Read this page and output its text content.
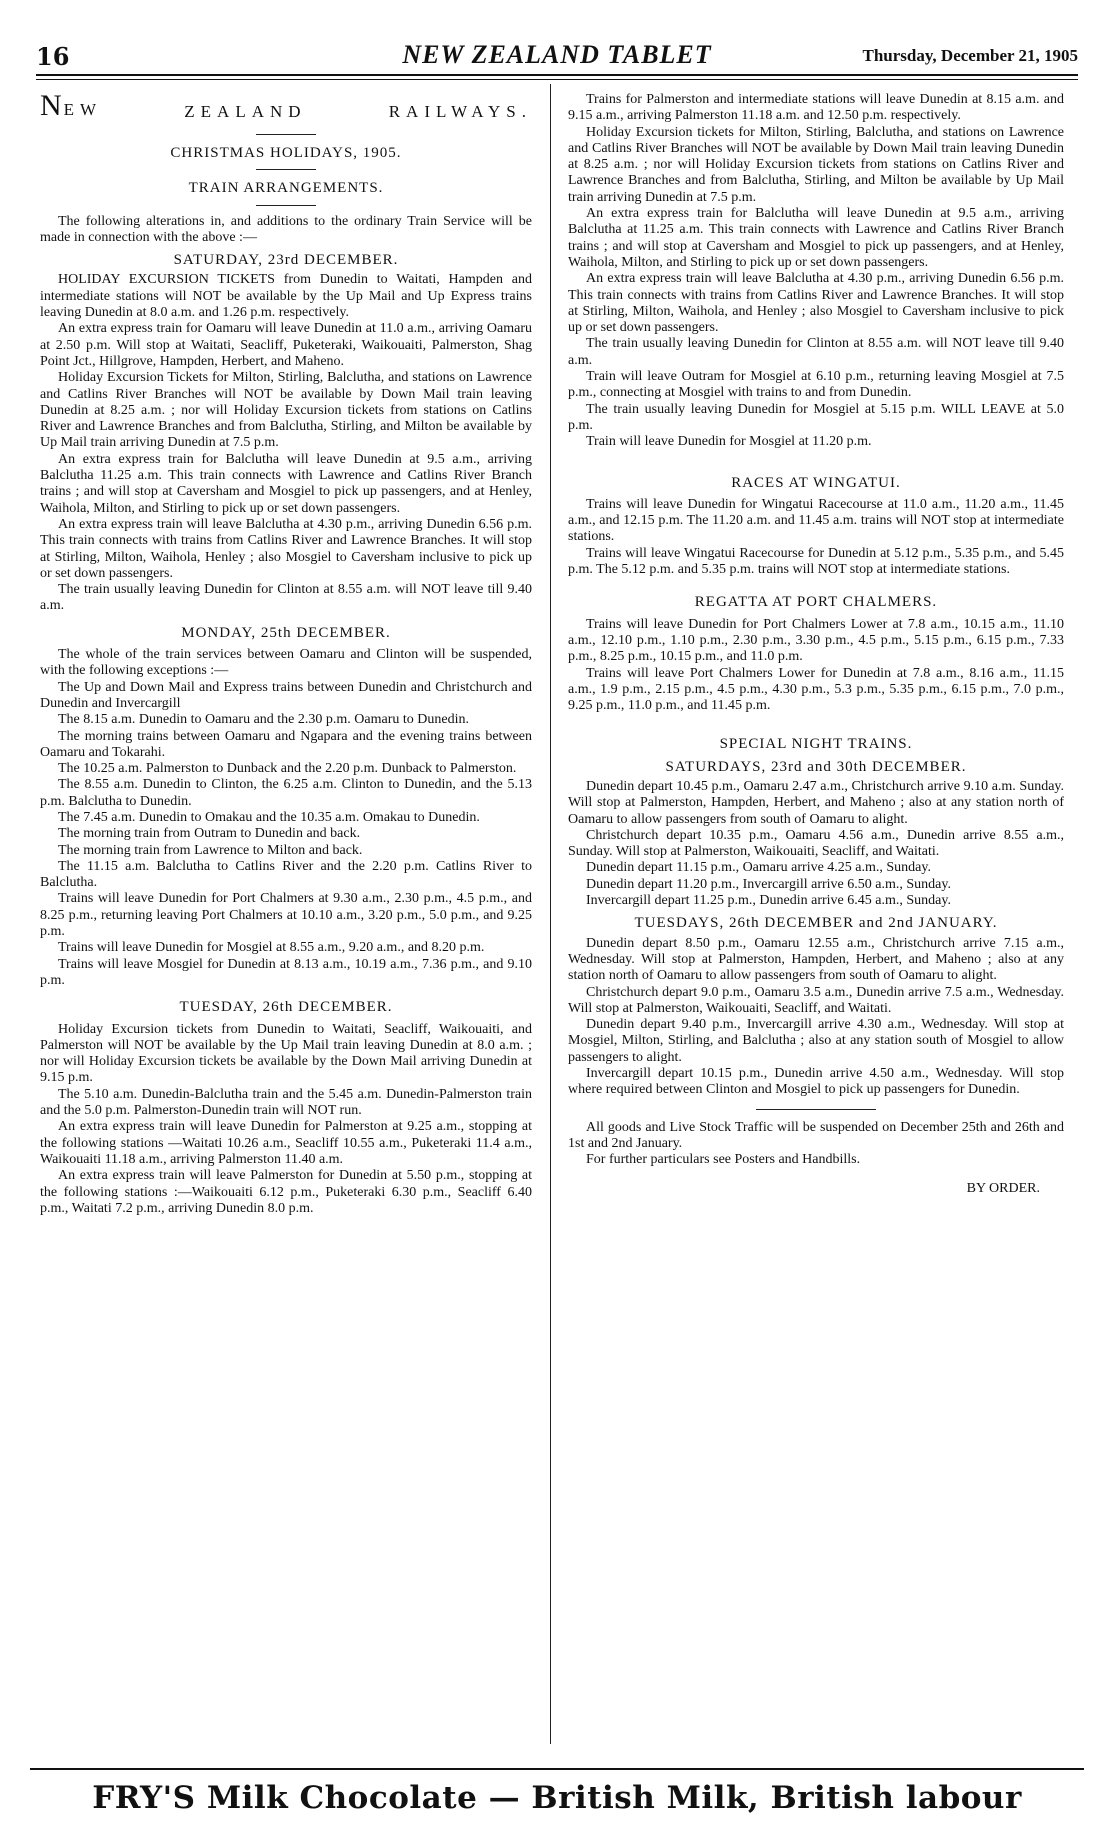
16	NEW ZEALAND TABLET	Thursday, December 21, 1905
NEW	ZEALAND	RAILWAYS.
CHRISTMAS HOLIDAYS, 1905.
TRAIN ARRANGEMENTS.

The following alterations in, and additions to the ordinary Train Service will be made in connection with the above :—

SATURDAY, 23rd DECEMBER.

HOLIDAY EXCURSION TICKETS from Dunedin to Waitati, Hampden and intermediate stations will NOT be available by the Up Mail and Up Express trains leaving Dunedin at 8.0 a.m. and 1.26 p.m. respectively.

An extra express train for Oamaru will leave Dunedin at 11.0 a.m., arriving Oamaru at 2.50 p.m. Will stop at Waitati, Seacliff, Puketeraki, Waikouaiti, Palmerston, Shag Point Jct., Hillgrove, Hampden, Herbert, and Maheno.

Holiday Excursion Tickets for Milton, Stirling, Balclutha, and stations on Lawrence and Catlins River Branches will NOT be available by Down Mail train leaving Dunedin at 8.25 a.m. ; nor will Holiday Excursion tickets from stations on Catlins River and Lawrence Branches and from Balclutha, Stirling, and Milton be available by Up Mail train arriving Dunedin at 7.5 p.m.

An extra express train for Balclutha will leave Dunedin at 9.5 a.m., arriving Balclutha 11.25 a.m. This train connects with Lawrence and Catlins River Branch trains ; and will stop at Caversham and Mosgiel to pick up passengers, and at Henley, Waihola, Milton, and Stirling to pick up or set down passengers.

An extra express train will leave Balclutha at 4.30 p.m., arriving Dunedin 6.56 p.m. This train connects with trains from Catlins River and Lawrence Branches. It will stop at Stirling, Milton, Waihola, Henley ; also Mosgiel to Caversham inclusive to pick up or set down passengers.

The train usually leaving Dunedin for Clinton at 8.55 a.m. will NOT leave till 9.40 a.m.

MONDAY, 25th DECEMBER.

The whole of the train services between Oamaru and Clinton will be suspended, with the following exceptions :—

The Up and Down Mail and Express trains between Dunedin and Christchurch and Dunedin and Invercargill

The 8.15 a.m. Dunedin to Oamaru and the 2.30 p.m. Oamaru to Dunedin.

The morning trains between Oamaru and Ngapara and the evening trains between Oamaru and Tokarahi.

The 10.25 a.m. Palmerston to Dunback and the 2.20 p.m. Dunback to Palmerston.

The 8.55 a.m. Dunedin to Clinton, the 6.25 a.m. Clinton to Dunedin, and the 5.13 p.m. Balclutha to Dunedin.

The 7.45 a.m. Dunedin to Omakau and the 10.35 a.m. Omakau to Dunedin.

The morning train from Outram to Dunedin and back.

The morning train from Lawrence to Milton and back.

The 11.15 a.m. Balclutha to Catlins River and the 2.20 p.m. Catlins River to Balclutha.

Trains will leave Dunedin for Port Chalmers at 9.30 a.m., 2.30 p.m., 4.5 p.m., and 8.25 p.m., returning leaving Port Chalmers at 10.10 a.m., 3.20 p.m., 5.0 p.m., and 9.25 p.m.

Trains will leave Dunedin for Mosgiel at 8.55 a.m., 9.20 a.m., and 8.20 p.m.

Trains will leave Mosgiel for Dunedin at 8.13 a.m., 10.19 a.m., 7.36 p.m., and 9.10 p.m.

TUESDAY, 26th DECEMBER.

Holiday Excursion tickets from Dunedin to Waitati, Seacliff, Waikouaiti, and Palmerston will NOT be available by the Up Mail train leaving Dunedin at 8.0 a.m. ; nor will Holiday Excursion tickets be available by the Down Mail arriving Dunedin at 9.15 p.m.

The 5.10 a.m. Dunedin-Balclutha train and the 5.45 a.m. Dunedin-Palmerston train and the 5.0 p.m. Palmerston-Dunedin train will NOT run.

An extra express train will leave Dunedin for Palmerston at 9.25 a.m., stopping at the following stations —Waitati 10.26 a.m., Seacliff 10.55 a.m., Puketeraki 11.4 a.m., Waikouaiti 11.18 a.m., arriving Palmerston 11.40 a.m.

An extra express train will leave Palmerston for Dunedin at 5.50 p.m., stopping at the following stations :—Waikouaiti 6.12 p.m., Puketeraki 6.30 p.m., Seacliff 6.40 p.m., Waitati 7.2 p.m., arriving Dunedin 8.0 p.m.

Trains for Palmerston and intermediate stations will leave Dunedin at 8.15 a.m. and 9.15 a.m., arriving Palmerston 11.18 a.m. and 12.50 p.m. respectively.

Holiday Excursion tickets for Milton, Stirling, Balclutha, and stations on Lawrence and Catlins River Branches will NOT be available by Down Mail train leaving Dunedin at 8.25 a.m. ; nor will Holiday Excursion tickets from stations on Catlins River and Lawrence Branches and from Balclutha, Stirling, and Milton be available by Up Mail train arriving Dunedin at 7.5 p.m.

An extra express train for Balclutha will leave Dunedin at 9.5 a.m., arriving Balclutha at 11.25 a.m. This train connects with Lawrence and Catlins River Branch trains ; and will stop at Caversham and Mosgiel to pick up passengers, and at Henley, Waihola, Milton, and Stirling to pick up or set down passengers.

An extra express train will leave Balclutha at 4.30 p.m., arriving Dunedin 6.56 p.m. This train connects with trains from Catlins River and Lawrence Branches. It will stop at Stirling, Milton, Waihola, and Henley ; also Mosgiel to Caversham inclusive to pick up or set down passengers.

The train usually leaving Dunedin for Clinton at 8.55 a.m. will NOT leave till 9.40 a.m.

Train will leave Outram for Mosgiel at 6.10 p.m., returning leaving Mosgiel at 7.5 p.m., connecting at Mosgiel with trains to and from Dunedin.

The train usually leaving Dunedin for Mosgiel at 5.15 p.m. WILL LEAVE at 5.0 p.m.

Train will leave Dunedin for Mosgiel at 11.20 p.m.

RACES AT WINGATUI.

Trains will leave Dunedin for Wingatui Racecourse at 11.0 a.m., 11.20 a.m., 11.45 a.m., and 12.15 p.m. The 11.20 a.m. and 11.45 a.m. trains will NOT stop at intermediate stations.

Trains will leave Wingatui Racecourse for Dunedin at 5.12 p.m., 5.35 p.m., and 5.45 p.m. The 5.12 p.m. and 5.35 p.m. trains will NOT stop at intermediate stations.

REGATTA AT PORT CHALMERS.

Trains will leave Dunedin for Port Chalmers Lower at 7.8 a.m., 10.15 a.m., 11.10 a.m., 12.10 p.m., 1.10 p.m., 2.30 p.m., 3.30 p.m., 4.5 p.m., 5.15 p.m., 6.15 p.m., 7.33 p.m., 8.25 p.m., 10.15 p.m., and 11.0 p.m.

Trains will leave Port Chalmers Lower for Dunedin at 7.8 a.m., 8.16 a.m., 11.15 a.m., 1.9 p.m., 2.15 p.m., 4.5 p.m., 4.30 p.m., 5.3 p.m., 5.35 p.m., 6.15 p.m., 7.0 p.m., 9.25 p.m., 11.0 p.m., and 11.45 p.m.

SPECIAL NIGHT TRAINS.
SATURDAYS, 23rd and 30th DECEMBER.

Dunedin depart 10.45 p.m., Oamaru 2.47 a.m., Christchurch arrive 9.10 a.m. Sunday. Will stop at Palmerston, Hampden, Herbert, and Maheno ; also at any station north of Oamaru to allow passengers from south of Oamaru to alight.

Christchurch depart 10.35 p.m., Oamaru 4.56 a.m., Dunedin arrive 8.55 a.m., Sunday. Will stop at Palmerston, Waikouaiti, Seacliff, and Waitati.

Dunedin depart 11.15 p.m., Oamaru arrive 4.25 a.m., Sunday.

Dunedin depart 11.20 p.m., Invercargill arrive 6.50 a.m., Sunday.

Invercargill depart 11.25 p.m., Dunedin arrive 6.45 a.m., Sunday.

TUESDAYS, 26th DECEMBER and 2nd JANUARY.

Dunedin depart 8.50 p.m., Oamaru 12.55 a.m., Christchurch arrive 7.15 a.m., Wednesday. Will stop at Palmerston, Hampden, Herbert, and Maheno ; also at any station north of Oamaru to allow passengers from south of Oamaru to alight.

Christchurch depart 9.0 p.m., Oamaru 3.5 a.m., Dunedin arrive 7.5 a.m., Wednesday. Will stop at Palmerston, Waikouaiti, Seacliff, and Waitati.

Dunedin depart 9.40 p.m., Invercargill arrive 4.30 a.m., Wednesday. Will stop at Mosgiel, Milton, Stirling, and Balclutha ; also at any station south of Mosgiel to allow passengers to alight.

Invercargill depart 10.15 p.m., Dunedin arrive 4.50 a.m., Wednesday. Will stop where required between Clinton and Mosgiel to pick up passengers for Dunedin.

All goods and Live Stock Traffic will be suspended on December 25th and 26th and 1st and 2nd January.

For further particulars see Posters and Handbills.

BY ORDER.
FRY'S Milk Chocolate — British Milk, British labour
